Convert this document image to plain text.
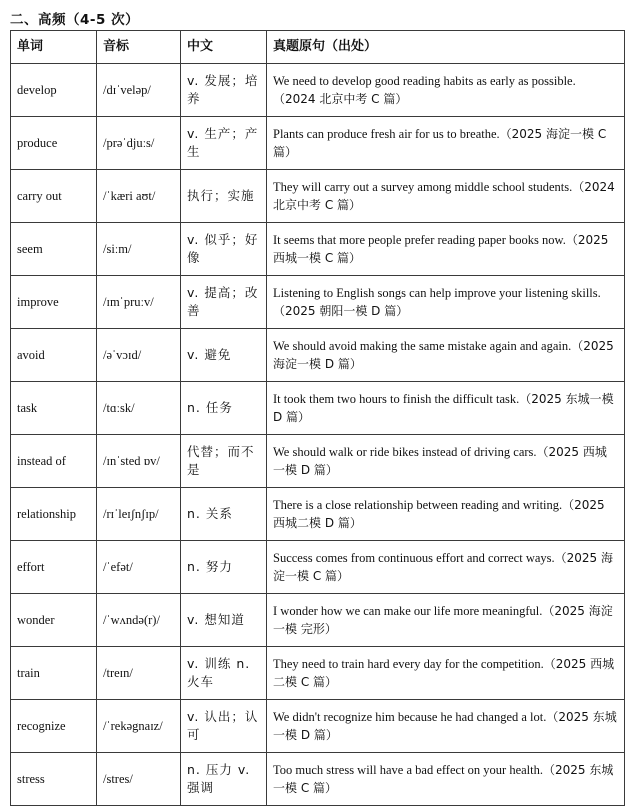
二、高频（4-5 次）
单词	音标	中文	真题原句（出处）
develop	/dɪˈveləp/	v. 发展；培养	We need to develop good reading habits as early as possible.（2024 北京中考 C 篇）
produce	/prəˈdjuːs/	v. 生产；产生	Plants can produce fresh air for us to breathe.（2025 海淀一模 C 篇）
carry out	/ˈkæri aʊt/	执行；实施	They will carry out a survey among middle school students.（2024 北京中考 C 篇）
seem	/siːm/	v. 似乎；好像	It seems that more people prefer reading paper books now.（2025 西城一模 C 篇）
improve	/ɪmˈpruːv/	v. 提高；改善	Listening to English songs can help improve your listening skills.（2025 朝阳一模 D 篇）
avoid	/əˈvɔɪd/	v. 避免	We should avoid making the same mistake again and again.（2025 海淀一模 D 篇）
task	/tɑːsk/	n. 任务	It took them two hours to finish the difficult task.（2025 东城一模 D 篇）
instead of	/ɪnˈsted ɒv/	代替；而不是	We should walk or ride bikes instead of driving cars.（2025 西城一模 D 篇）
relationship	/rɪˈleɪʃnʃɪp/	n. 关系	There is a close relationship between reading and writing.（2025 西城二模 D 篇）
effort	/ˈefət/	n. 努力	Success comes from continuous effort and correct ways.（2025 海淀一模 C 篇）
wonder	/ˈwʌndə(r)/	v. 想知道	I wonder how we can make our life more meaningful.（2025 海淀一模 完形）
train	/treɪn/	v. 训练 n. 火车	They need to train hard every day for the competition.（2025 西城二模 C 篇）
recognize	/ˈrekəgnaɪz/	v. 认出；认可	We didn't recognize him because he had changed a lot.（2025 东城一模 D 篇）
stress	/stres/	n. 压力 v. 强调	Too much stress will have a bad effect on your health.（2025 东城一模 C 篇）
